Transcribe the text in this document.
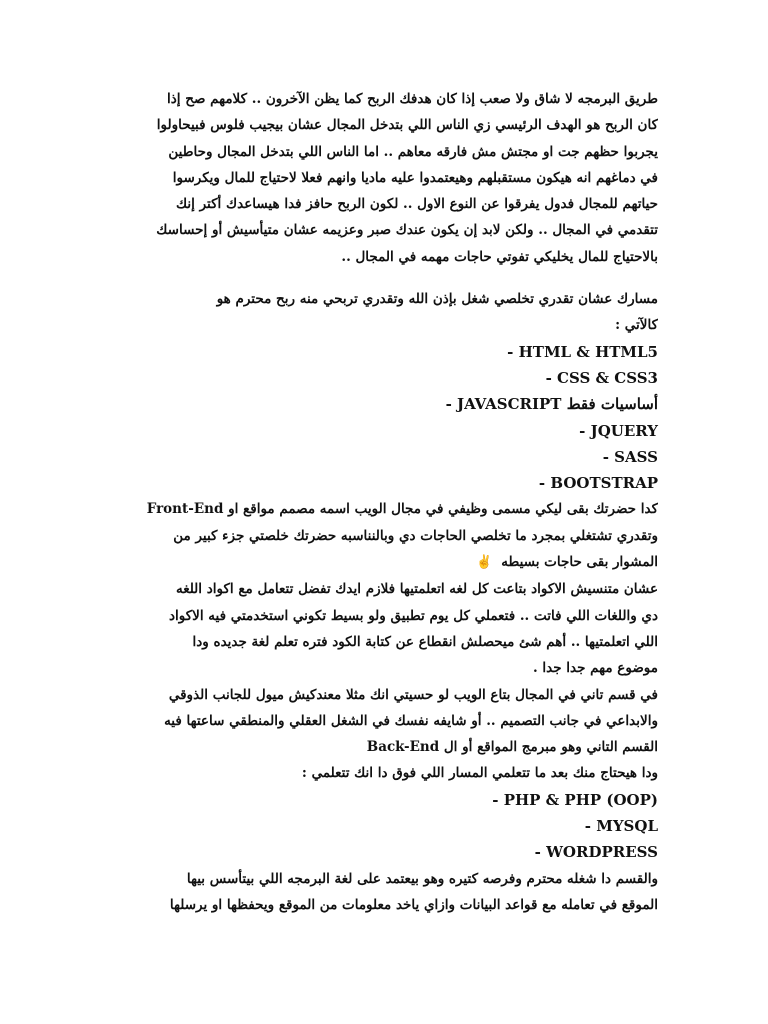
طريق البرمجه لا شاق ولا صعب إذا كان هدفك الربح كما يظن الآخرون .. كلامهم صح إذا
كان الربح هو الهدف الرئيسي زي الناس اللي بتدخل المجال عشان بيجيب فلوس فبيحاولوا
يجربوا حظهم جت او مجتش مش فارقه معاهم .. اما الناس اللي بتدخل المجال وحاطين
في دماغهم انه هيكون مستقبلهم وهيعتمدوا عليه ماديا وانهم فعلا لاحتياج للمال ويكرسوا
حياتهم للمجال فدول يفرقوا عن النوع الاول .. لكون الربح حافز فدا هيساعدك أكتر إنك
تتقدمي في المجال .. ولكن لابد إن يكون عندك صبر وعزيمه عشان متيأسيش أو إحساسك
بالاحتياج للمال يخليكي تفوتي حاجات مهمه في المجال ..
مسارك عشان تقدري تخلصي شغل بإذن الله وتقدري تربحي منه ربح محترم هو
كالآتي :
- HTML & HTML5
- CSS & CSS3
- JAVASCRIPT أساسيات فقط
- JQUERY
- SASS
- BOOTSTRAP
كدا حضرتك بقى ليكي مسمى وظيفي في مجال الويب اسمه مصمم مواقع او Front-End
وتقدري تشتغلي بمجرد ما تخلصي الحاجات دي وبالنناسبه حضرتك خلصتي جزء كبير من
المشوار بقى حاجات بسيطه ✌️
عشان متنسيش الاكواد بتاعت كل لغه اتعلمتيها فلازم ايدك تفضل تتعامل مع اكواد اللغه
دي واللغات اللي فاتت .. فتعملي كل يوم تطبيق ولو بسيط تكوني استخدمتي فيه الاكواد
اللي اتعلمتيها .. أهم شئ ميحصلش انقطاع عن كتابة الكود فتره تعلم لغة جديده ودا
موضوع مهم جدا جدا .
في قسم تاني في المجال بتاع الويب لو حسيتي انك مثلا معندكيش ميول للجانب الذوقي
والابداعي في جانب التصميم .. أو شايفه نفسك في الشغل العقلي والمنطقي ساعتها فيه
القسم التاني وهو مبرمج المواقع أو ال Back-End
ودا هيحتاج منك بعد ما تتعلمي المسار اللي فوق دا انك تتعلمي :
- PHP & PHP (OOP)
- MYSQL
- WORDPRESS
والقسم دا شغله محترم وفرصه كتيره وهو بيعتمد على لغة البرمجه اللي بيتأسس بيها
الموقع في تعامله مع قواعد البيانات وازاي ياخد معلومات من الموقع ويحفظها او يرسلها
